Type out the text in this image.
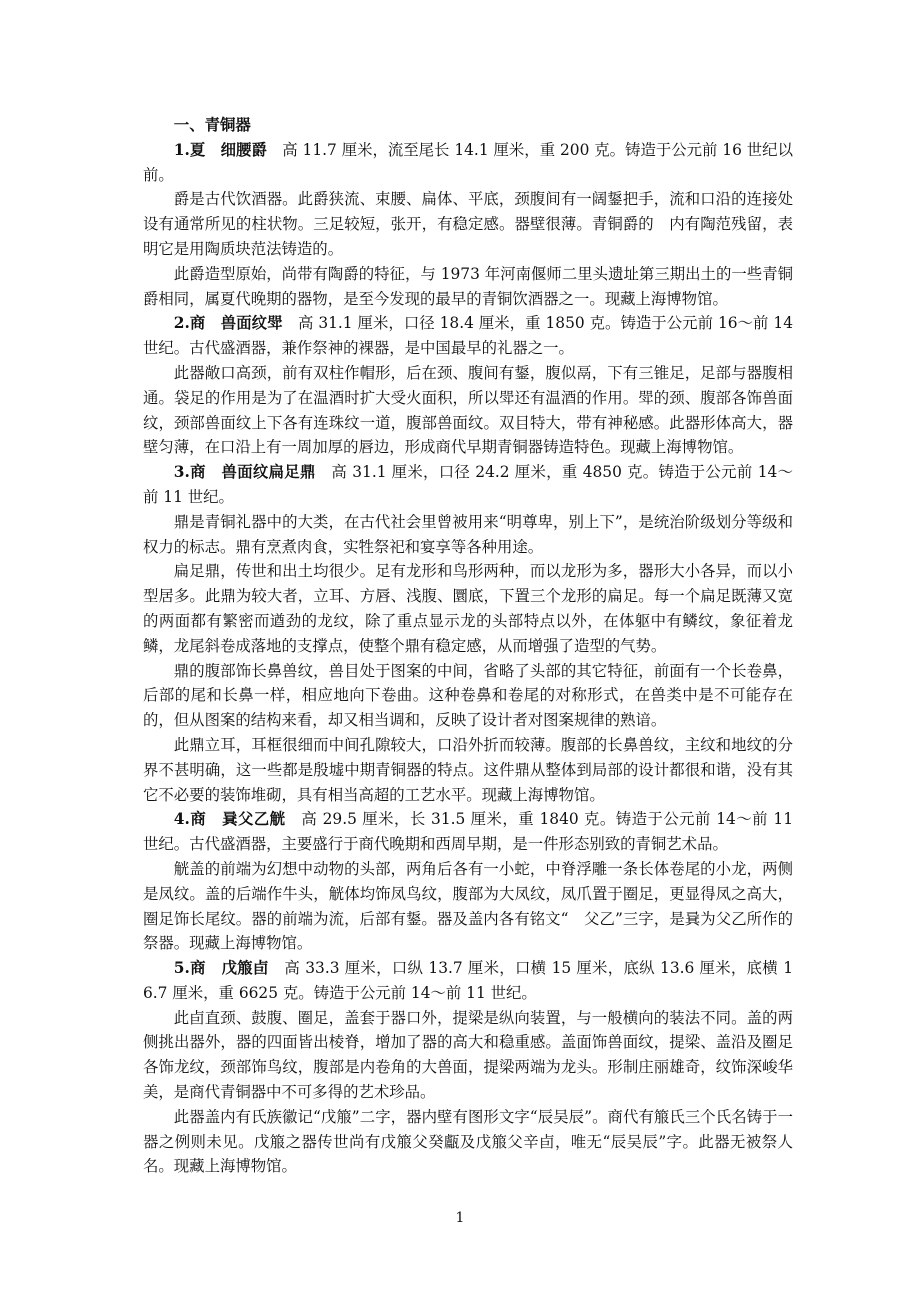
一、青铜器

1.夏 细腰爵 高 11.7 厘米，流至尾长 14.1 厘米，重 200 克。铸造于公元前 16 世纪以前。

爵是古代饮酒器。此爵狭流、束腰、扁体、平底，颈腹间有一阔鋬把手，流和口沿的连接处设有通常所见的柱状物。三足较短，张开，有稳定感。器壁很薄。青铜爵的　内有陶范残留，表明它是用陶质块范法铸造的。

此爵造型原始，尚带有陶爵的特征，与 1973 年河南偃师二里头遗址第三期出土的一些青铜爵相同，属夏代晚期的器物，是至今发现的最早的青铜饮酒器之一。现藏上海博物馆。

2.商 兽面纹斝 高 31.1 厘米，口径 18.4 厘米，重 1850 克。铸造于公元前 16～前 14 世纪。古代盛酒器，兼作祭神的裸器，是中国最早的礼器之一。

此器敞口高颈，前有双柱作帽形，后在颈、腹间有鋬，腹似鬲，下有三锥足，足部与器腹相通。袋足的作用是为了在温酒时扩大受火面积，所以斝还有温酒的作用。斝的颈、腹部各饰兽面纹，颈部兽面纹上下各有连珠纹一道，腹部兽面纹。双目特大，带有神秘感。此器形体高大，器壁匀薄，在口沿上有一周加厚的唇边，形成商代早期青铜器铸造特色。现藏上海博物馆。

3.商 兽面纹扁足鼎 高 31.1 厘米，口径 24.2 厘米，重 4850 克。铸造于公元前 14～前 11 世纪。

鼎是青铜礼器中的大类，在古代社会里曾被用来“明尊卑，别上下”，是统治阶级划分等级和权力的标志。鼎有烹煮肉食，实牲祭祀和宴享等各种用途。

扁足鼎，传世和出土均很少。足有龙形和鸟形两种，而以龙形为多，器形大小各异，而以小型居多。此鼎为较大者，立耳、方唇、浅腹、圜底，下置三个龙形的扁足。每一个扁足既薄又宽的两面都有繁密而遒劲的龙纹，除了重点显示龙的头部特点以外，在体躯中有鳞纹，象征着龙鳞，龙尾斜卷成落地的支撑点，使整个鼎有稳定感，从而增强了造型的气势。

鼎的腹部饰长鼻兽纹，兽目处于图案的中间，省略了头部的其它特征，前面有一个长卷鼻，后部的尾和长鼻一样，相应地向下卷曲。这种卷鼻和卷尾的对称形式，在兽类中是不可能存在的，但从图案的结构来看，却又相当调和，反映了设计者对图案规律的熟谙。

此鼎立耳，耳框很细而中间孔隙较大，口沿外折而较薄。腹部的长鼻兽纹，主纹和地纹的分界不甚明确，这一些都是殷墟中期青铜器的特点。这件鼎从整体到局部的设计都很和谐，没有其它不必要的装饰堆砌，具有相当高超的工艺水平。现藏上海博物馆。

4.商 㠱父乙觥 高 29.5 厘米，长 31.5 厘米，重 1840 克。铸造于公元前 14～前 11 世纪。古代盛酒器，主要盛行于商代晚期和西周早期，是一件形态别致的青铜艺术品。

觥盖的前端为幻想中动物的头部，两角后各有一小蛇，中脊浮雕一条长体卷尾的小龙，两侧是凤纹。盖的后端作牛头，觥体均饰凤鸟纹，腹部为大凤纹，凤爪置于圈足，更显得凤之高大，圈足饰长尾纹。器的前端为流，后部有鋬。器及盖内各有铭文“　父乙”三字，是㠱为父乙所作的祭器。现藏上海博物馆。

5.商 戊箙卣 高 33.3 厘米，口纵 13.7 厘米，口横 15 厘米，底纵 13.6 厘米，底横 16.7 厘米，重 6625 克。铸造于公元前 14～前 11 世纪。

此卣直颈、鼓腹、圈足，盖套于器口外，提梁是纵向装置，与一般横向的装法不同。盖的两侧挑出器外，器的四面皆出棱脊，增加了器的高大和稳重感。盖面饰兽面纹，提梁、盖沿及圈足各饰龙纹，颈部饰鸟纹，腹部是内卷角的大兽面，提梁两端为龙头。形制庄丽雄奇，纹饰深峻华美，是商代青铜器中不可多得的艺术珍品。

此器盖内有氏族徽记“戊箙”二字，器内壁有图形文字“辰吴辰”。商代有箙氏三个氏名铸于一器之例则未见。戊箙之器传世尚有戊箙父癸甗及戊箙父辛卣，唯无“辰吴辰”字。此器无被祭人名。现藏上海博物馆。

1
